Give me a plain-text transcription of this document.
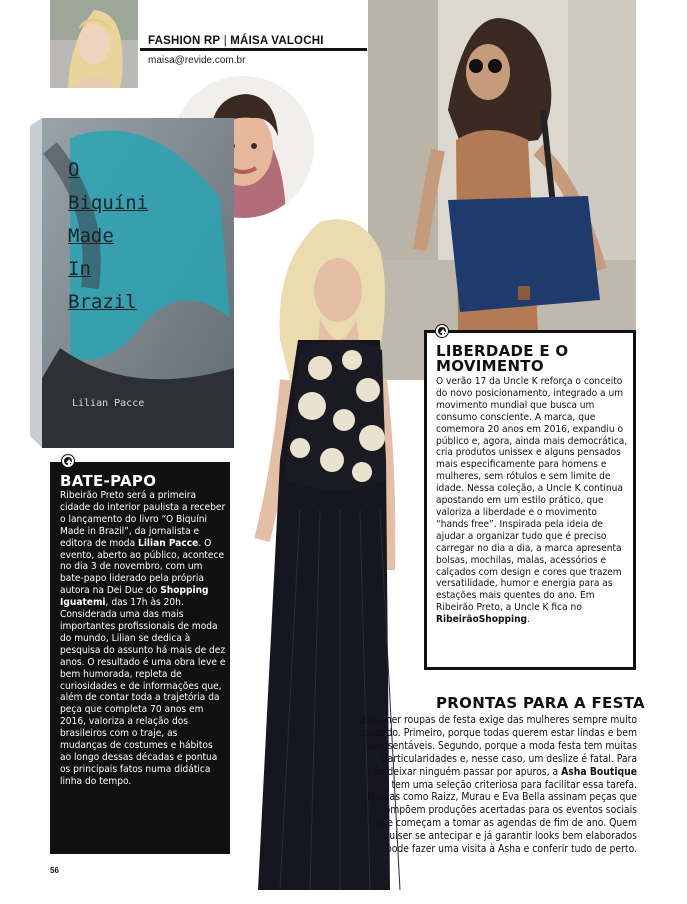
FASHION RP | MÁISA VALOCHI
maisa@revide.com.br
O
Biquíni
Made
In
Brazil
Lilian Pacce
LIBERDADE E O
MOVIMENTO
O verão 17 da Uncle K reforça o conceito do novo posicionamento, integrado a um movimento mundial que busca um consumo consciente. A marca, que comemora 20 anos em 2016, expandiu o público e, agora, ainda mais democrática, cria produtos unissex e alguns pensados mais especificamente para homens e mulheres, sem rótulos e sem limite de idade. Nessa coleção, a Uncle K continua apostando em um estilo prático, que valoriza a liberdade e o movimento “hands free”. Inspirada pela ideia de ajudar a organizar tudo que é preciso carregar no dia a dia, a marca apresenta bolsas, mochilas, malas, acessórios e calçados com design e cores que trazem versatilidade, humor e energia para as estações mais quentes do ano. Em Ribeirão Preto, a Uncle K fica no RibeirãoShopping.
BATE-PAPO
Ribeirão Preto será a primeira cidade do interior paulista a receber o lançamento do livro “O Biquíni Made in Brazil”, da jornalista e editora de moda Lilian Pacce. O evento, aberto ao público, acontece no dia 3 de novembro, com um bate-papo liderado pela própria autora na Dei Due do Shopping Iguatemi, das 17h às 20h. Considerada uma das mais importantes profissionais de moda do mundo, Lilian se dedica à pesquisa do assunto há mais de dez anos. O resultado é uma obra leve e bem humorada, repleta de curiosidades e de informações que, além de contar toda a trajetória da peça que completa 70 anos em 2016, valoriza a relação dos brasileiros com o traje, as mudanças de costumes e hábitos ao longo dessas décadas e pontua os principais fatos numa didática linha do tempo.
PRONTAS PARA A FESTA
Escolher roupas de festa exige das mulheres sempre muito
cuidado. Primeiro, porque todas querem estar lindas e bem
apresentáveis. Segundo, porque a moda festa tem muitas
particularidades e, nesse caso, um deslize é fatal. Para
não deixar ninguém passar por apuros, a Asha Boutique
tem uma seleção criteriosa para facilitar essa tarefa.
Marcas como Raizz, Murau e Eva Bella assinam peças que
compõem produções acertadas para os eventos sociais
que começam a tomar as agendas de fim de ano. Quem
quiser se antecipar e já garantir looks bem elaborados
pode fazer uma visita à Asha e conferir tudo de perto.
56
